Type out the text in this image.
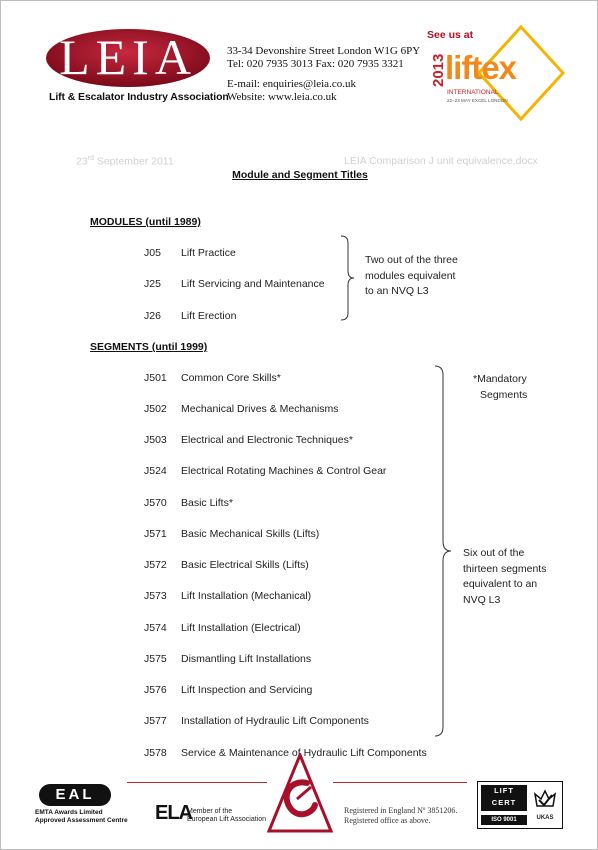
LEIA
Lift & Escalator Industry Association
33-34 Devonshire Street London W1G 6PY
Tel: 020 7935 3013 Fax: 020 7935 3321
E-mail: enquiries@leia.co.uk
Website: www.leia.co.uk
See us at
2013
liftex
INTERNATIONAL
22–23 MAY EXCEL LONDON
23rd September 2011	LEIA Comparison J unit equivalence.docx
Module and Segment Titles
MODULES (until 1989)
J05 Lift Practice
J25 Lift Servicing and Maintenance
J26 Lift Erection
Two out of the three
modules equivalent
to an NVQ L3
SEGMENTS (until 1999)
J501 Common Core Skills*
J502 Mechanical Drives & Mechanisms
J503 Electrical and Electronic Techniques*
J524 Electrical Rotating Machines & Control Gear
J570 Basic Lifts*
J571 Basic Mechanical Skills (Lifts)
J572 Basic Electrical Skills (Lifts)
J573 Lift Installation (Mechanical)
J574 Lift Installation (Electrical)
J575 Dismantling Lift Installations
J576 Lift Inspection and Servicing
J577 Installation of Hydraulic Lift Components
J578 Service & Maintenance of Hydraulic Lift Components
*Mandatory
Segments
Six out of the
thirteen segments
equivalent to an
NVQ L3
EAL
EMTA Awards Limited
Approved Assessment Centre ELA
Member of the
European Lift Association
Registered in England Nº 3851206.
Registered office as above.
LIFT CERT
ISO 9001	UKAS
